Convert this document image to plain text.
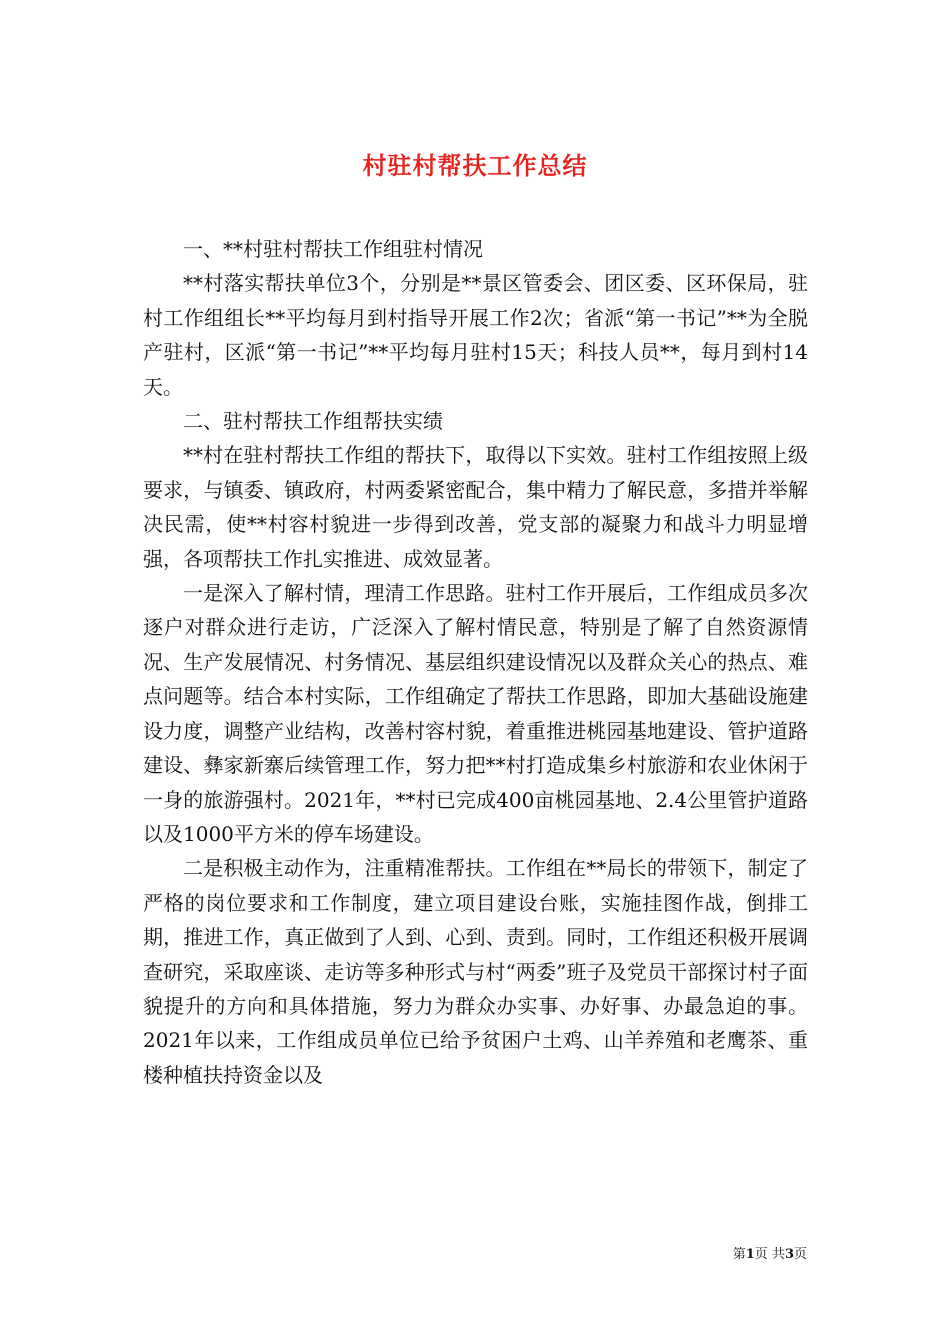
村驻村帮扶工作总结

一、**村驻村帮扶工作组驻村情况

**村落实帮扶单位3个，分别是**景区管委会、团区委、区环保局，驻村工作组组长**平均每月到村指导开展工作2次；省派“第一书记”**为全脱产驻村，区派“第一书记”**平均每月驻村15天；科技人员**，每月到村14天。

二、驻村帮扶工作组帮扶实绩

**村在驻村帮扶工作组的帮扶下，取得以下实效。驻村工作组按照上级要求，与镇委、镇政府，村两委紧密配合，集中精力了解民意，多措并举解决民需，使**村容村貌进一步得到改善，党支部的凝聚力和战斗力明显增强，各项帮扶工作扎实推进、成效显著。

一是深入了解村情，理清工作思路。驻村工作开展后，工作组成员多次逐户对群众进行走访，广泛深入了解村情民意，特别是了解了自然资源情况、生产发展情况、村务情况、基层组织建设情况以及群众关心的热点、难点问题等。结合本村实际，工作组确定了帮扶工作思路，即加大基础设施建设力度，调整产业结构，改善村容村貌，着重推进桃园基地建设、管护道路建设、彝家新寨后续管理工作，努力把**村打造成集乡村旅游和农业休闲于一身的旅游强村。2021年，**村已完成400亩桃园基地、2.4公里管护道路以及1000平方米的停车场建设。

二是积极主动作为，注重精准帮扶。工作组在**局长的带领下，制定了严格的岗位要求和工作制度，建立项目建设台账，实施挂图作战，倒排工期，推进工作，真正做到了人到、心到、责到。同时，工作组还积极开展调查研究，采取座谈、走访等多种形式与村“两委”班子及党员干部探讨村子面貌提升的方向和具体措施，努力为群众办实事、办好事、办最急迫的事。2021年以来，工作组成员单位已给予贫困户土鸡、山羊养殖和老鹰茶、重楼种植扶持资金以及

第1页 共3页
